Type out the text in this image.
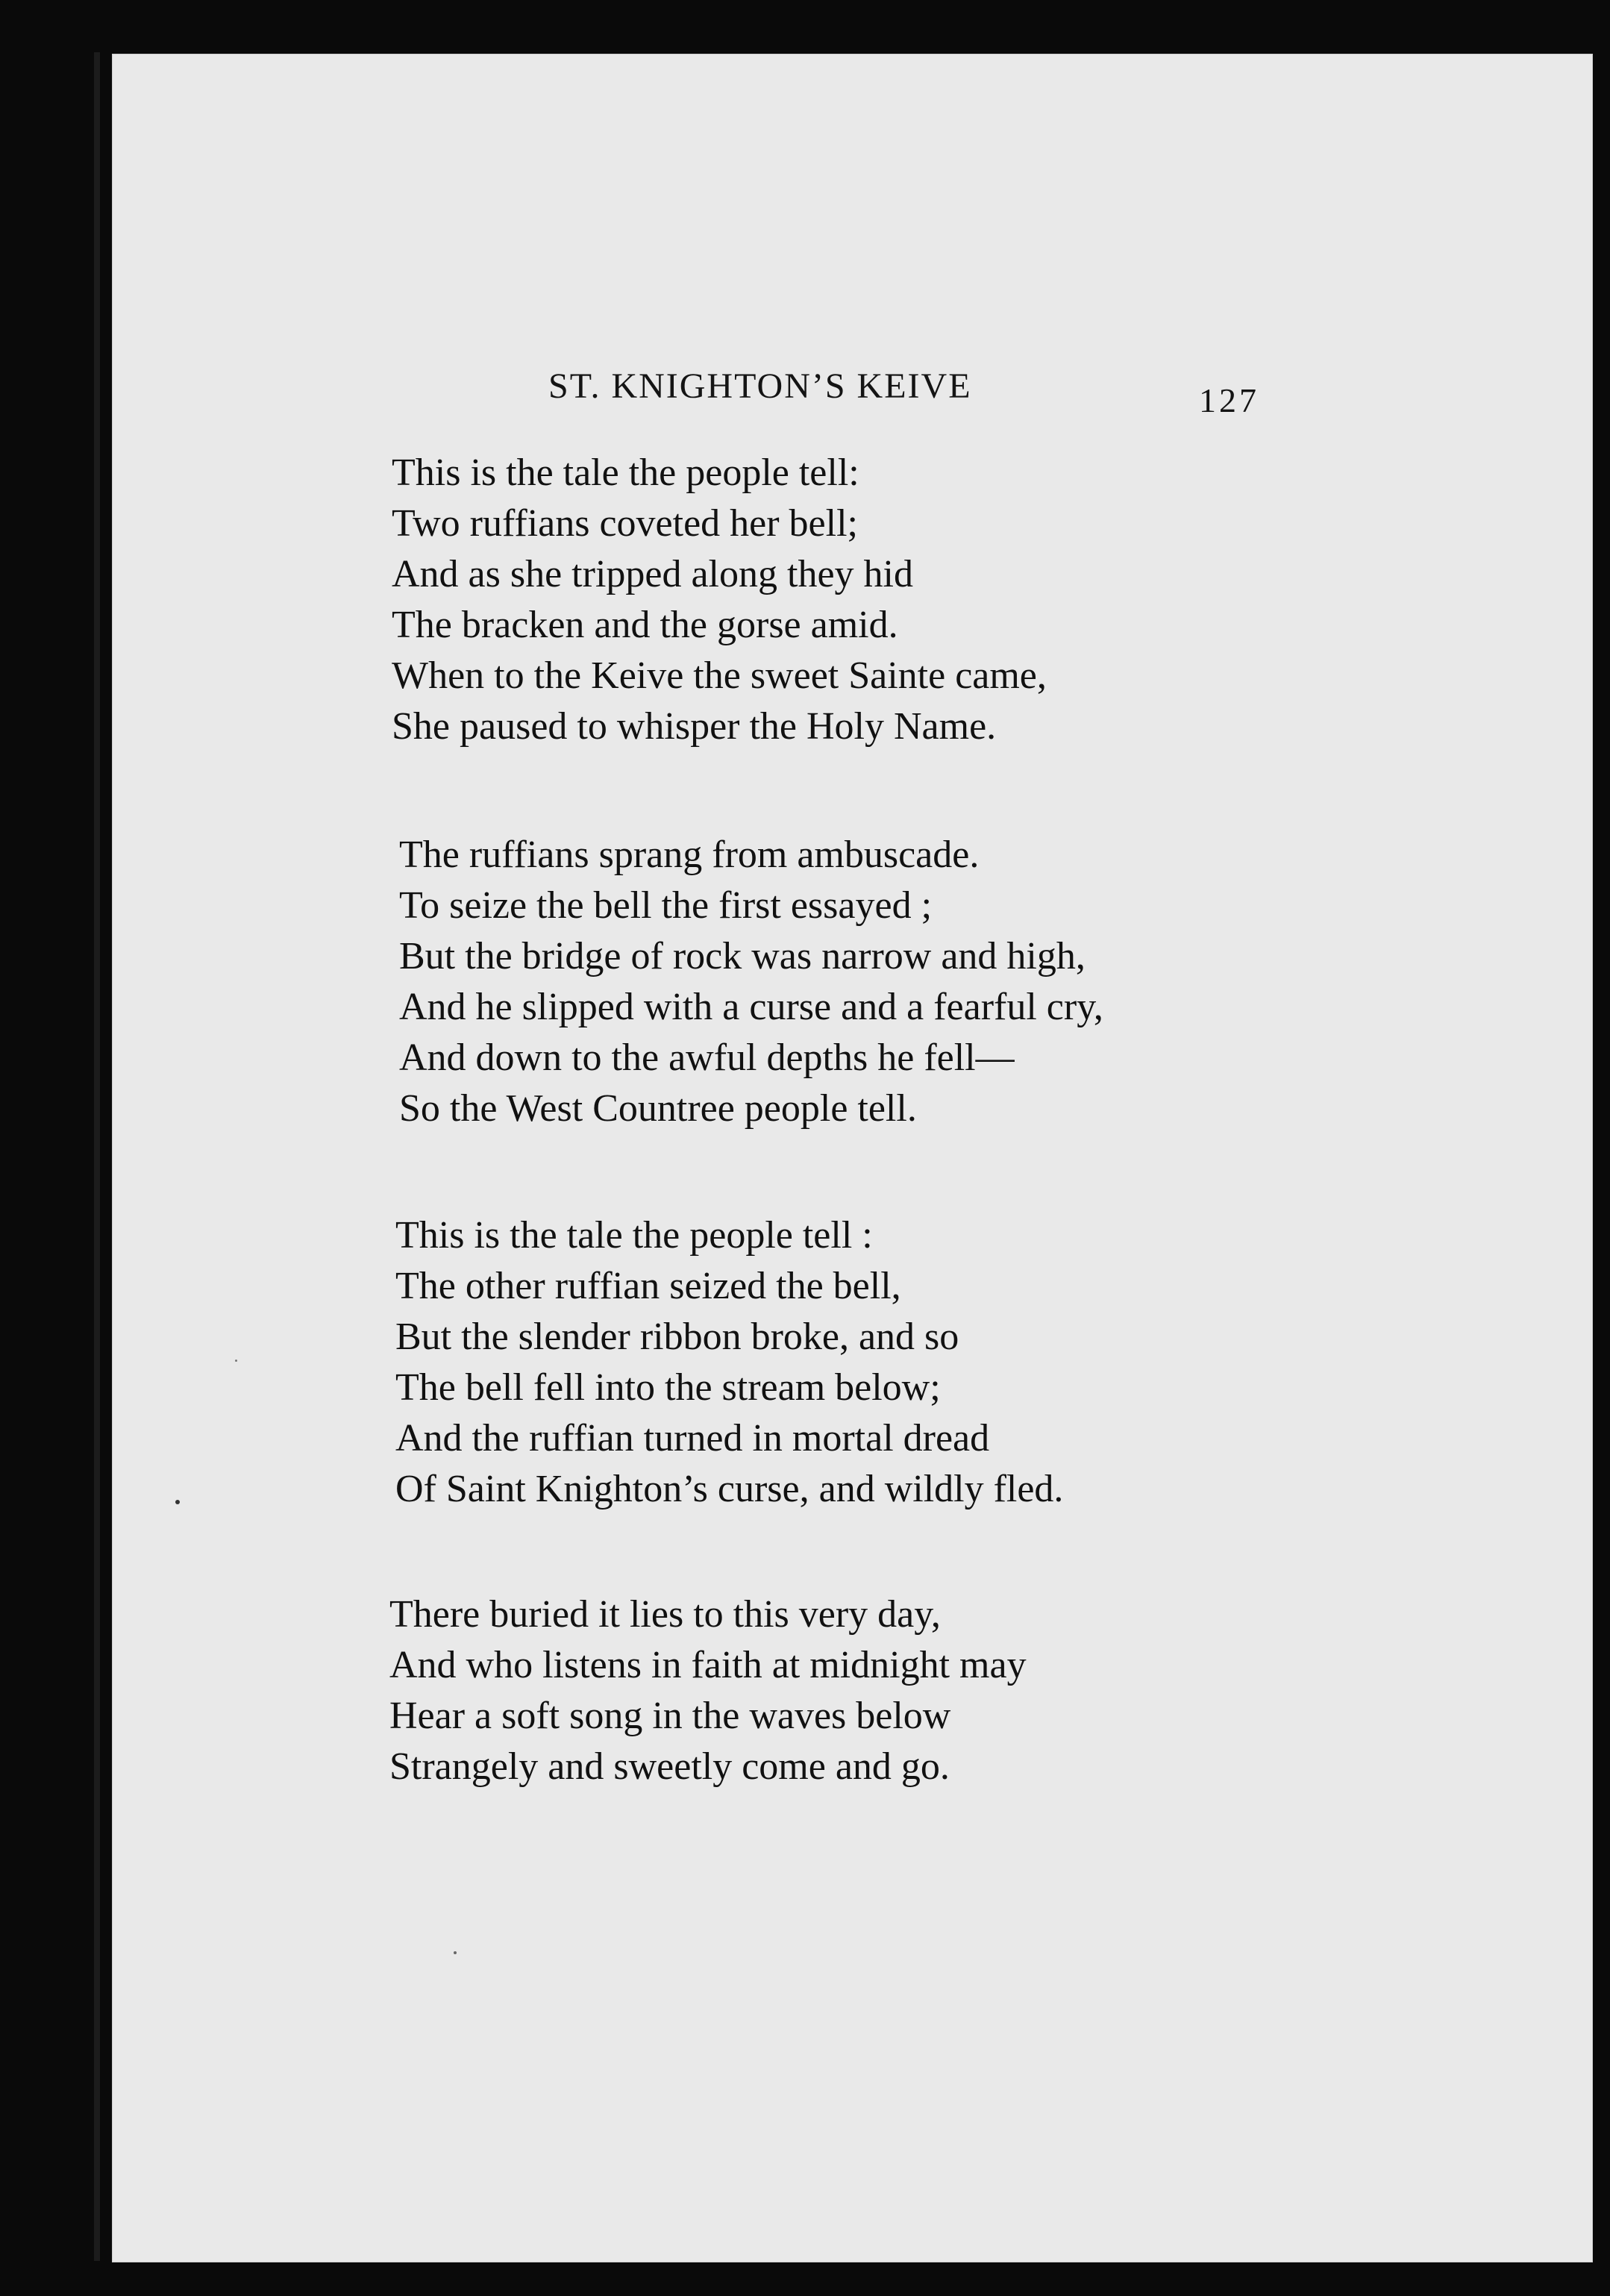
ST. KNIGHTON’S KEIVE	127
This is the tale the people tell:
Two ruffians coveted her bell;
And as she tripped along they hid
The bracken and the gorse amid.
When to the Keive the sweet Sainte came,
She paused to whisper the Holy Name.
The ruffians sprang from ambuscade.
To seize the bell the first essayed ;
But the bridge of rock was narrow and high,
And he slipped with a curse and a fearful cry,
And down to the awful depths he fell—
So the West Countree people tell.
This is the tale the people tell :
The other ruffian seized the bell,
But the slender ribbon broke, and so
The bell fell into the stream below;
And the ruffian turned in mortal dread
Of Saint Knighton’s curse, and wildly fled.
There buried it lies to this very day,
And who listens in faith at midnight may
Hear a soft song in the waves below
Strangely and sweetly come and go.
